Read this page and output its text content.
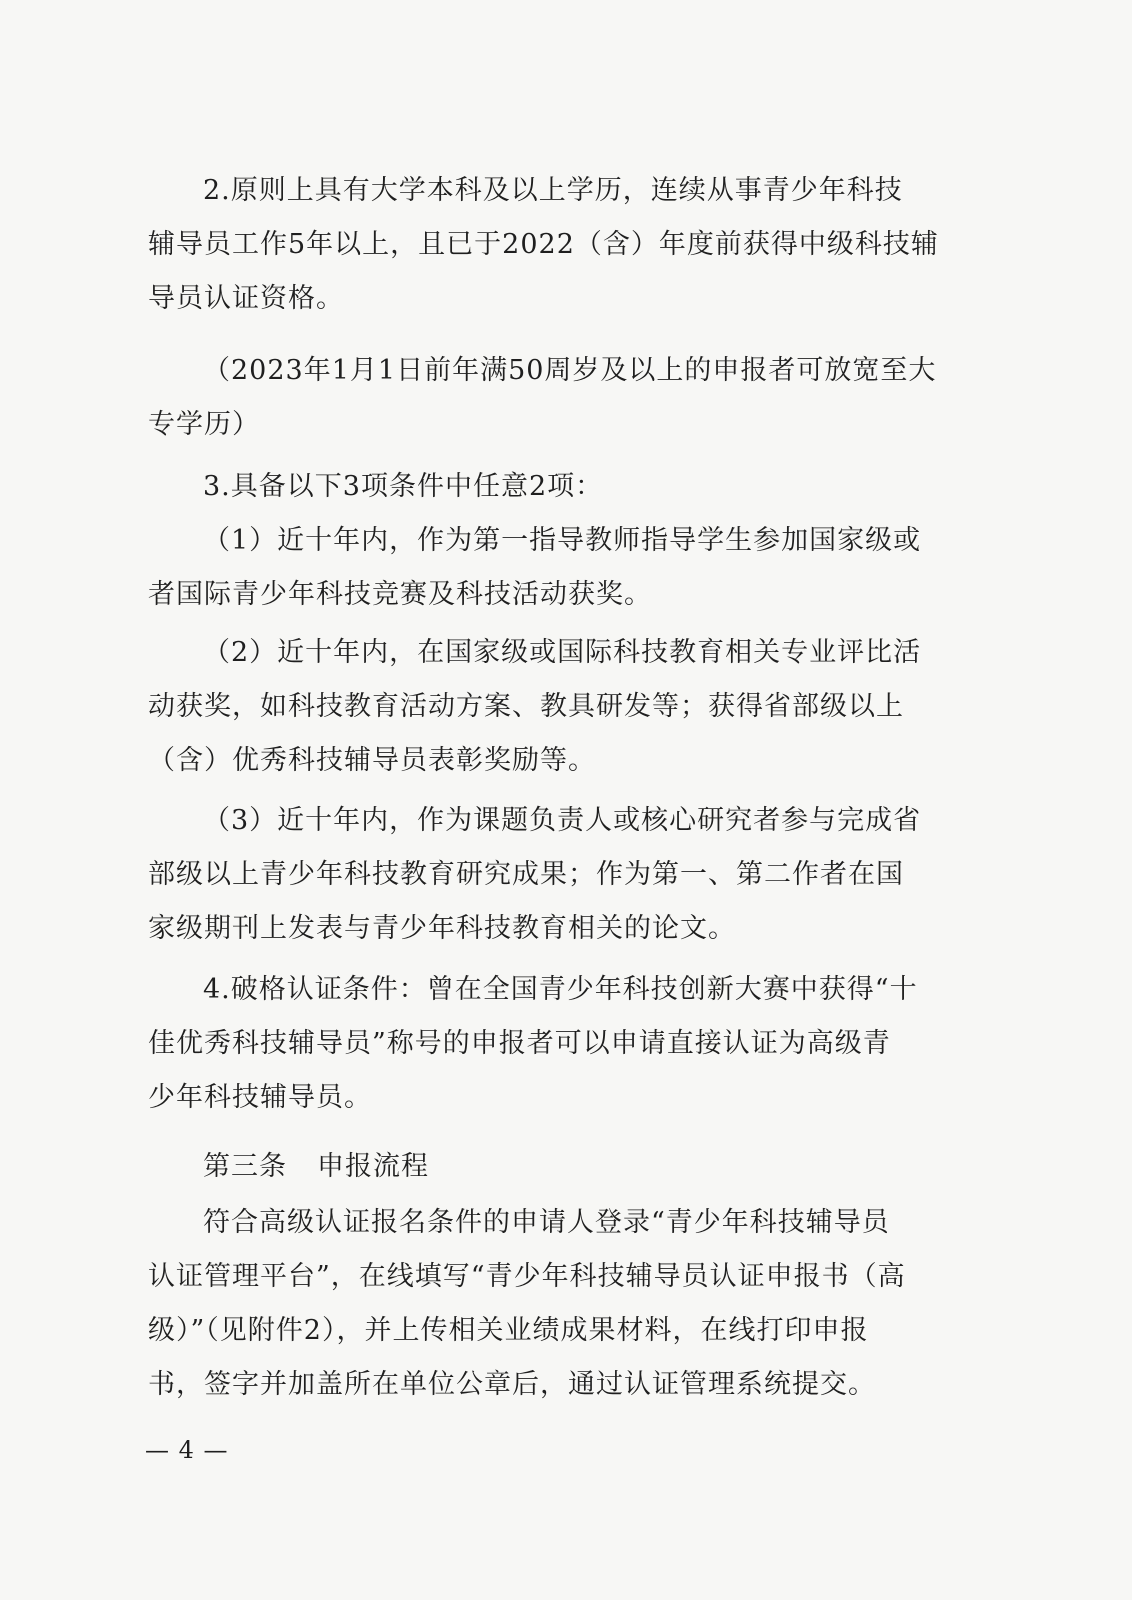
2.原则上具有大学本科及以上学历，连续从事青少年科技
辅导员工作5年以上，且已于2022（含）年度前获得中级科技辅
导员认证资格。
（2023年1月1日前年满50周岁及以上的申报者可放宽至大
专学历）
3.具备以下3项条件中任意2项：
（1）近十年内，作为第一指导教师指导学生参加国家级或
者国际青少年科技竞赛及科技活动获奖。
（2）近十年内，在国家级或国际科技教育相关专业评比活
动获奖，如科技教育活动方案、教具研发等；获得省部级以上
（含）优秀科技辅导员表彰奖励等。
（3）近十年内，作为课题负责人或核心研究者参与完成省
部级以上青少年科技教育研究成果；作为第一、第二作者在国
家级期刊上发表与青少年科技教育相关的论文。
4.破格认证条件：曾在全国青少年科技创新大赛中获得“十
佳优秀科技辅导员”称号的申报者可以申请直接认证为高级青
少年科技辅导员。
第三条 申报流程
符合高级认证报名条件的申请人登录“青少年科技辅导员
认证管理平台”，在线填写“青少年科技辅导员认证申报书（高
级）”（见附件2），并上传相关业绩成果材料，在线打印申报
书，签字并加盖所在单位公章后，通过认证管理系统提交。
— 4 —
